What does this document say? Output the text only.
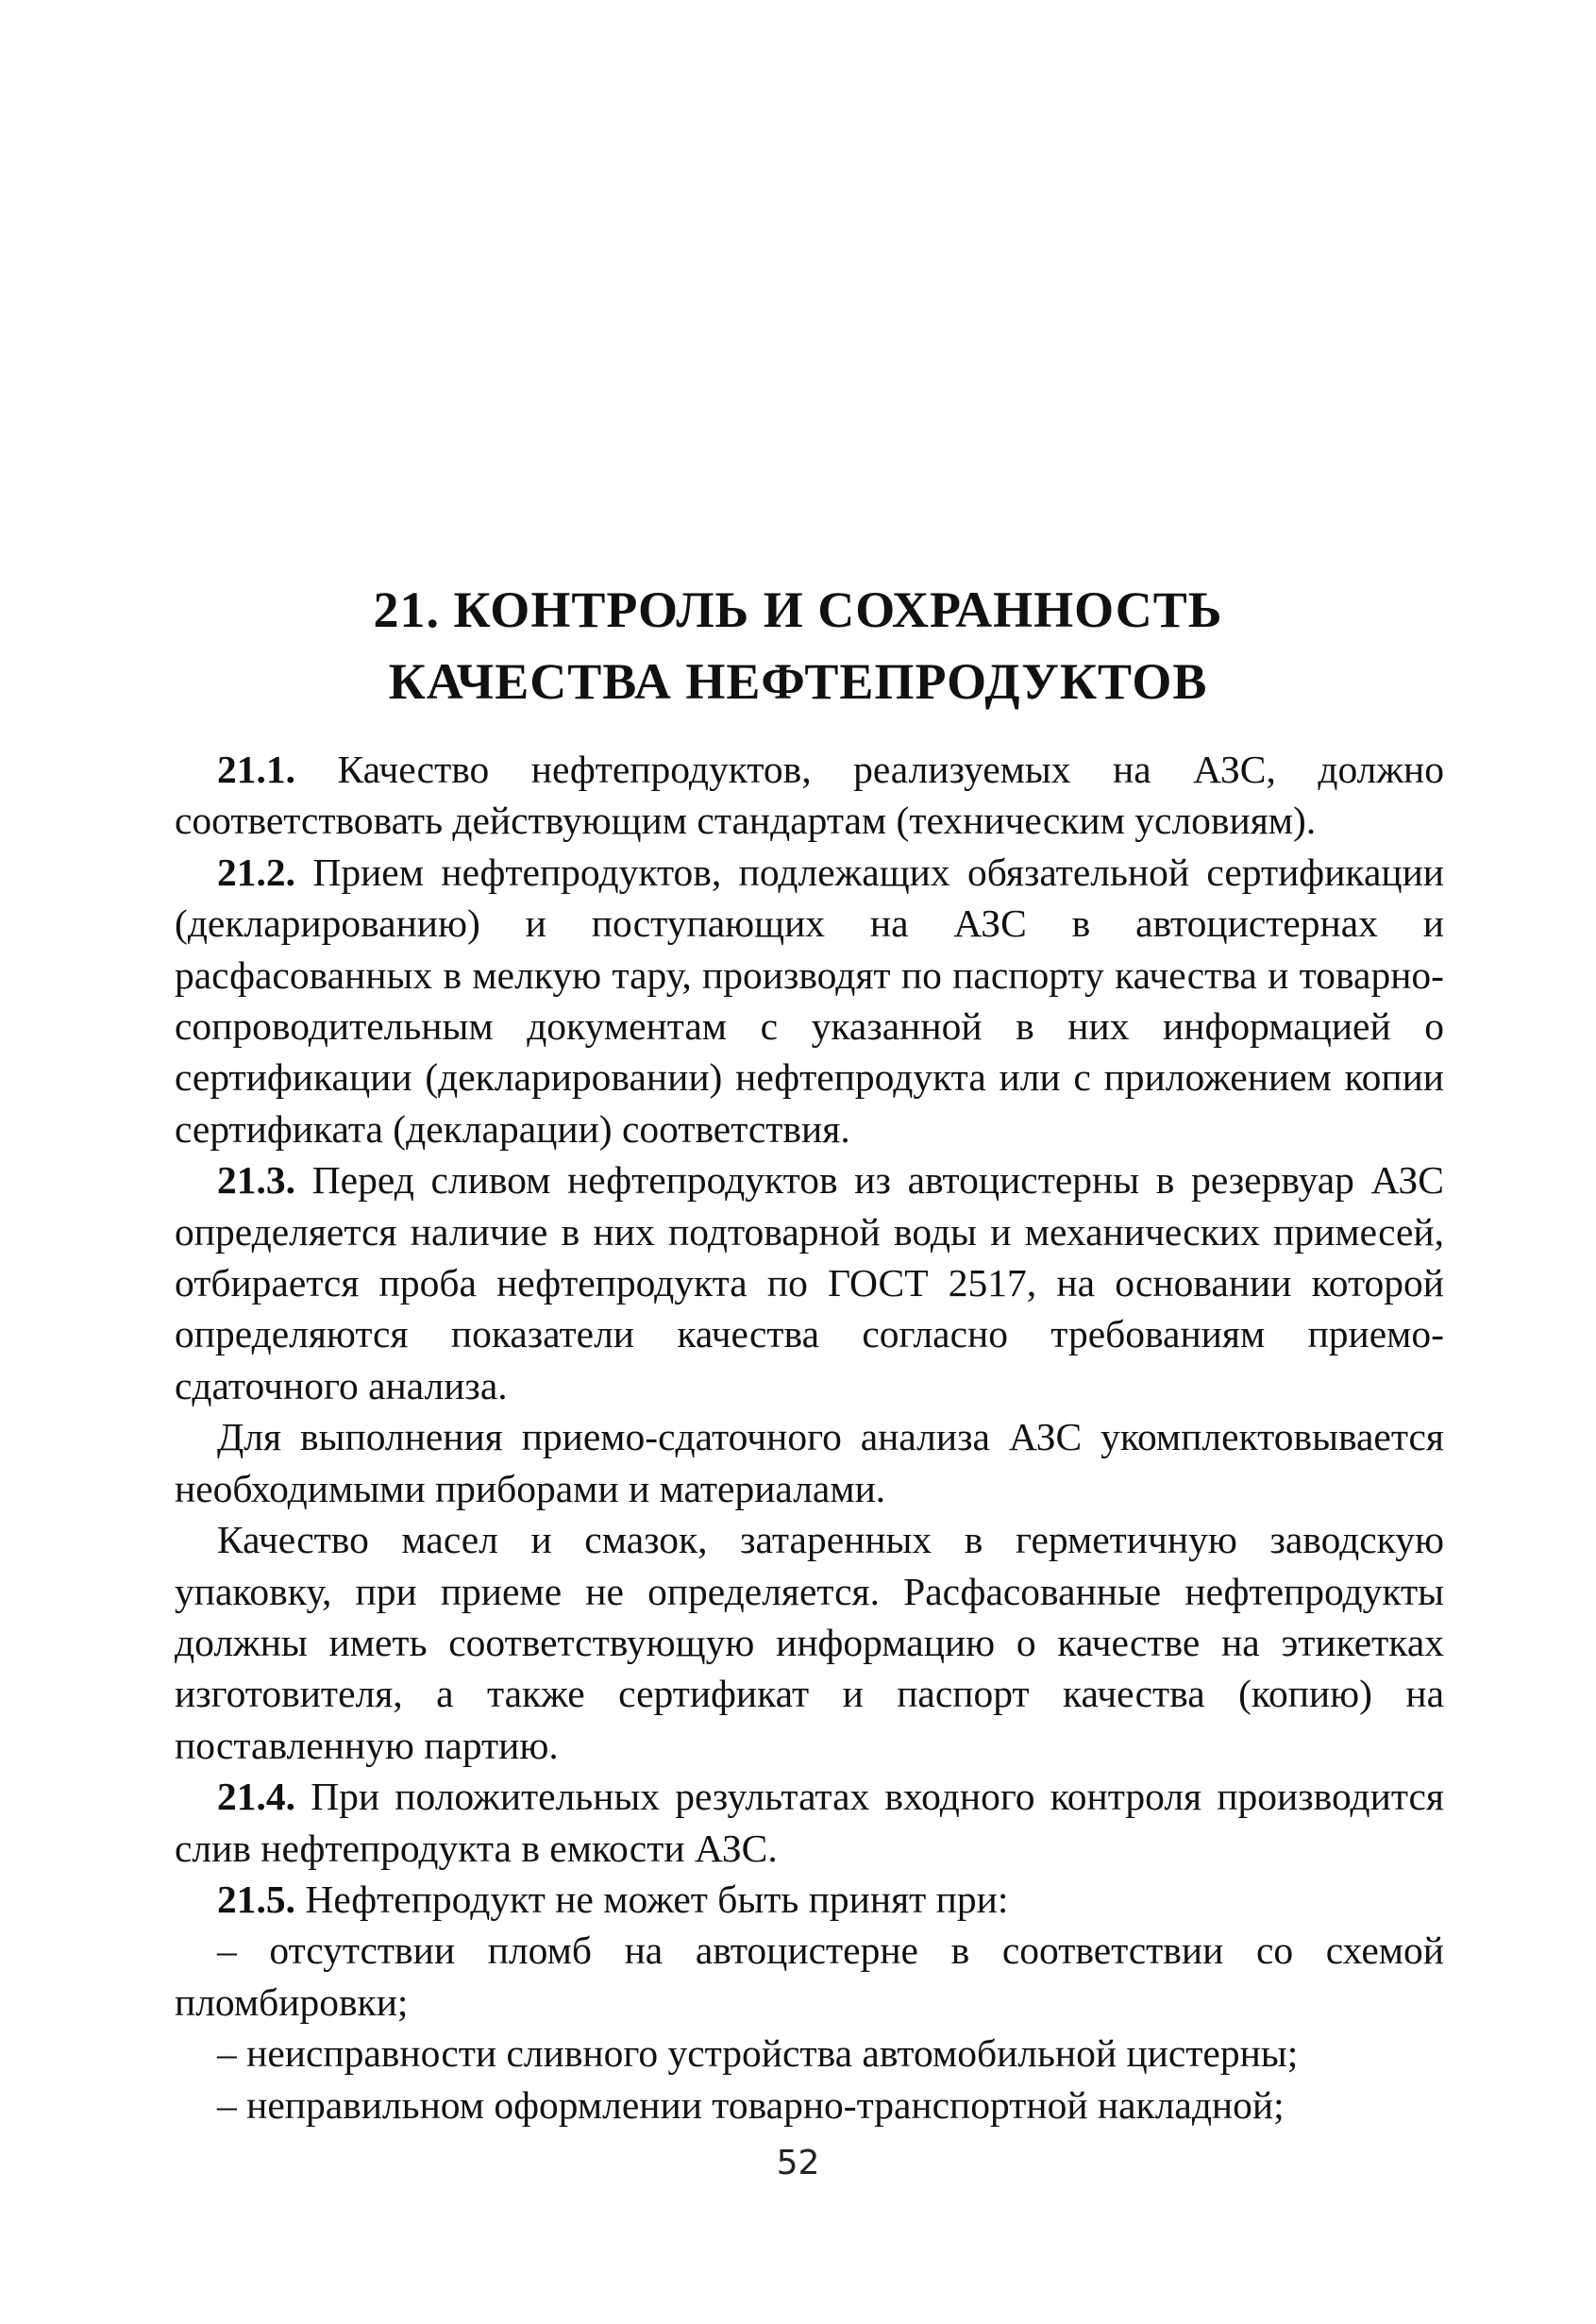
21. КОНТРОЛЬ И СОХРАННОСТЬ
КАЧЕСТВА НЕФТЕПРОДУКТОВ

21.1. Качество нефтепродуктов, реализуемых на АЗС, должно соответствовать действующим стандартам (техническим условиям).

21.2. Прием нефтепродуктов, подлежащих обязательной сертификации (декларированию) и поступающих на АЗС в автоцистернах и расфасованных в мелкую тару, производят по паспорту качества и товарно-сопроводительным документам с указанной в них информацией о сертификации (декларировании) нефтепродукта или с приложением копии сертификата (декларации) соответствия.

21.3. Перед сливом нефтепродуктов из автоцистерны в резервуар АЗС определяется наличие в них подтоварной воды и механических примесей, отбирается проба нефтепродукта по ГОСТ 2517, на основании которой определяются показатели качества согласно требованиям приемо-сдаточного анализа.

Для выполнения приемо-сдаточного анализа АЗС укомплектовывается необходимыми приборами и материалами.

Качество масел и смазок, затаренных в герметичную заводскую упаковку, при приеме не определяется. Расфасованные нефтепродукты должны иметь соответствующую информацию о качестве на этикетках изготовителя, а также сертификат и паспорт качества (копию) на поставленную партию.

21.4. При положительных результатах входного контроля производится слив нефтепродукта в емкости АЗС.

21.5. Нефтепродукт не может быть принят при:

– отсутствии пломб на автоцистерне в соответствии со схемой пломбировки;

– неисправности сливного устройства автомобильной цистерны;

– неправильном оформлении товарно-транспортной накладной;

52
